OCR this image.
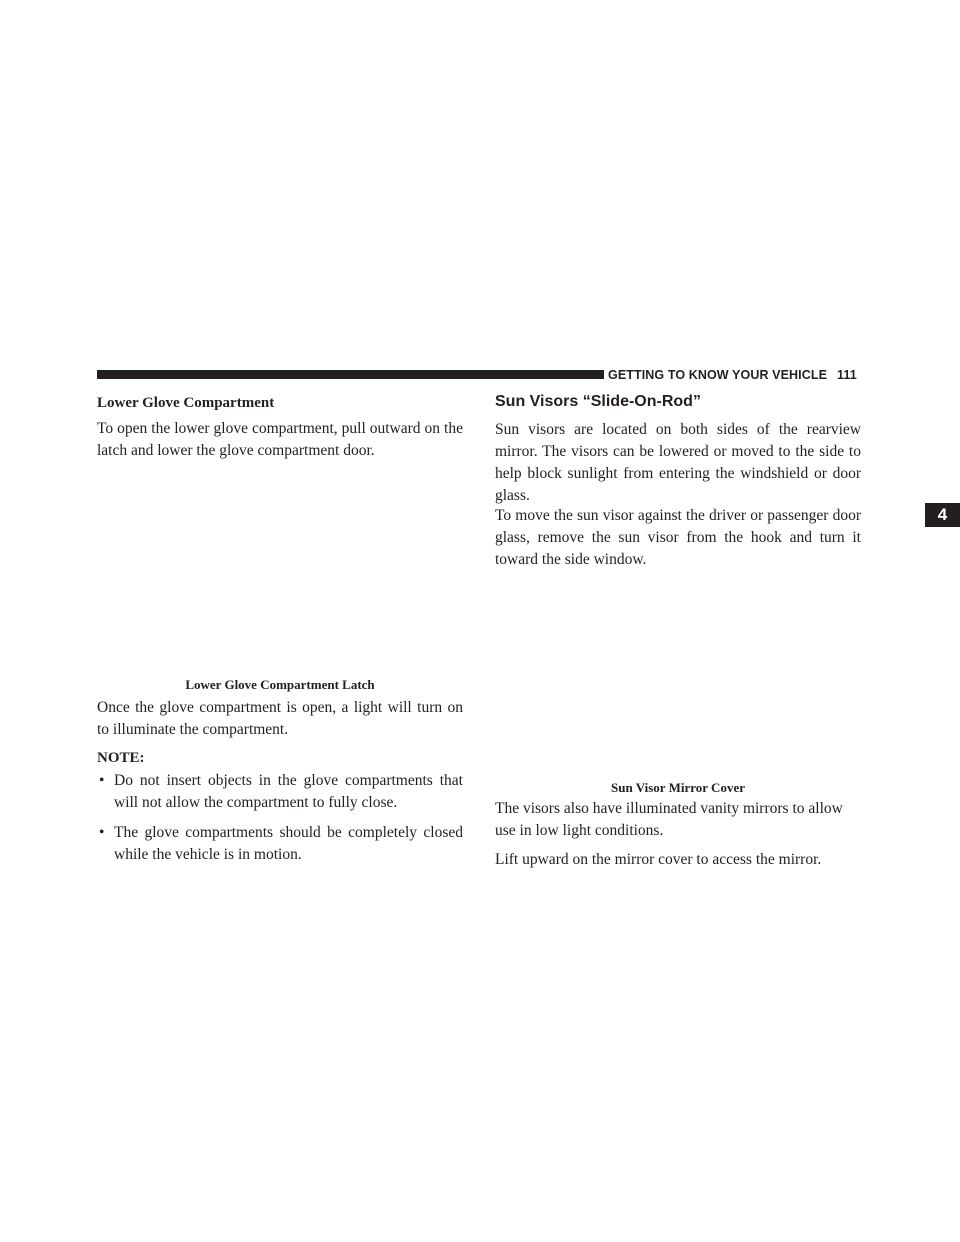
GETTING TO KNOW YOUR VEHICLE 111
4
Lower Glove Compartment

To open the lower glove compartment, pull outward on the latch and lower the glove compartment door.

Lower Glove Compartment Latch

Once the glove compartment is open, a light will turn on to illuminate the compartment.

NOTE:
• Do not insert objects in the glove compartments that will not allow the compartment to fully close.
• The glove compartments should be completely closed while the vehicle is in motion.
Sun Visors “Slide-On-Rod”

Sun visors are located on both sides of the rearview mirror. The visors can be lowered or moved to the side to help block sunlight from entering the windshield or door glass.

To move the sun visor against the driver or passenger door glass, remove the sun visor from the hook and turn it toward the side window.

Sun Visor Mirror Cover

The visors also have illuminated vanity mirrors to allow use in low light conditions.

Lift upward on the mirror cover to access the mirror.
